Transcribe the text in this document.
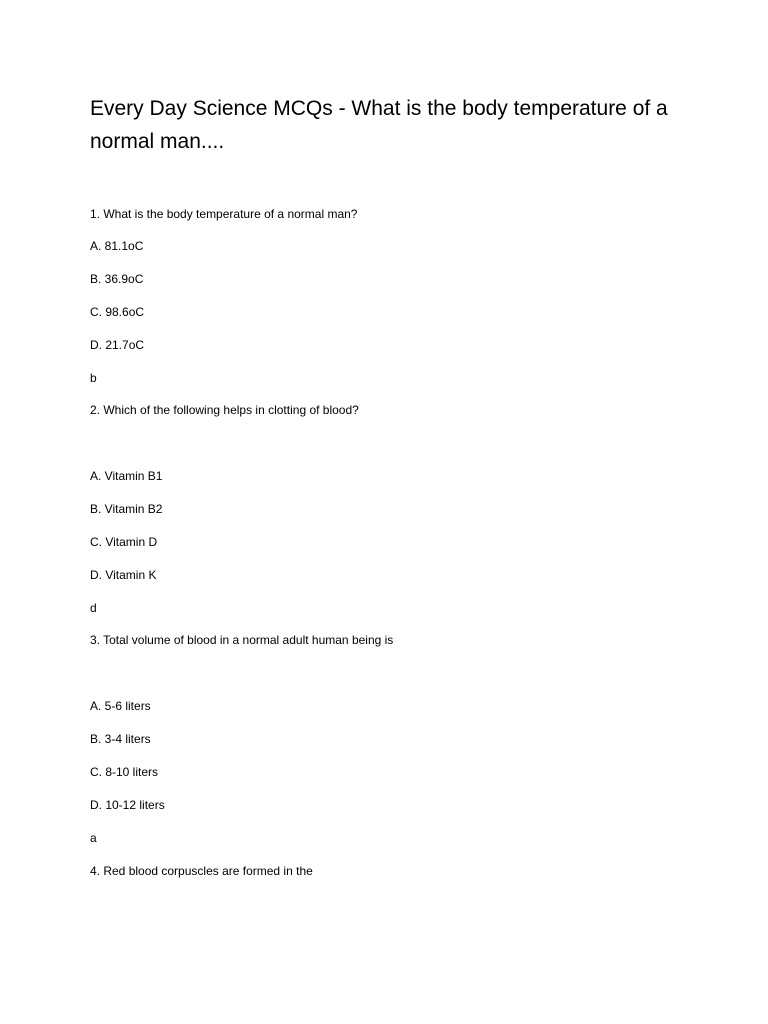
Every Day Science MCQs - What is the body temperature of a normal man....
1. What is the body temperature of a normal man?
A. 81.1oC
B. 36.9oC
C. 98.6oC
D. 21.7oC
b
2. Which of the following helps in clotting of blood?
A. Vitamin B1
B. Vitamin B2
C. Vitamin D
D. Vitamin K
d
3. Total volume of blood in a normal adult human being is
A. 5-6 liters
B. 3-4 liters
C. 8-10 liters
D. 10-12 liters
a
4. Red blood corpuscles are formed in the
